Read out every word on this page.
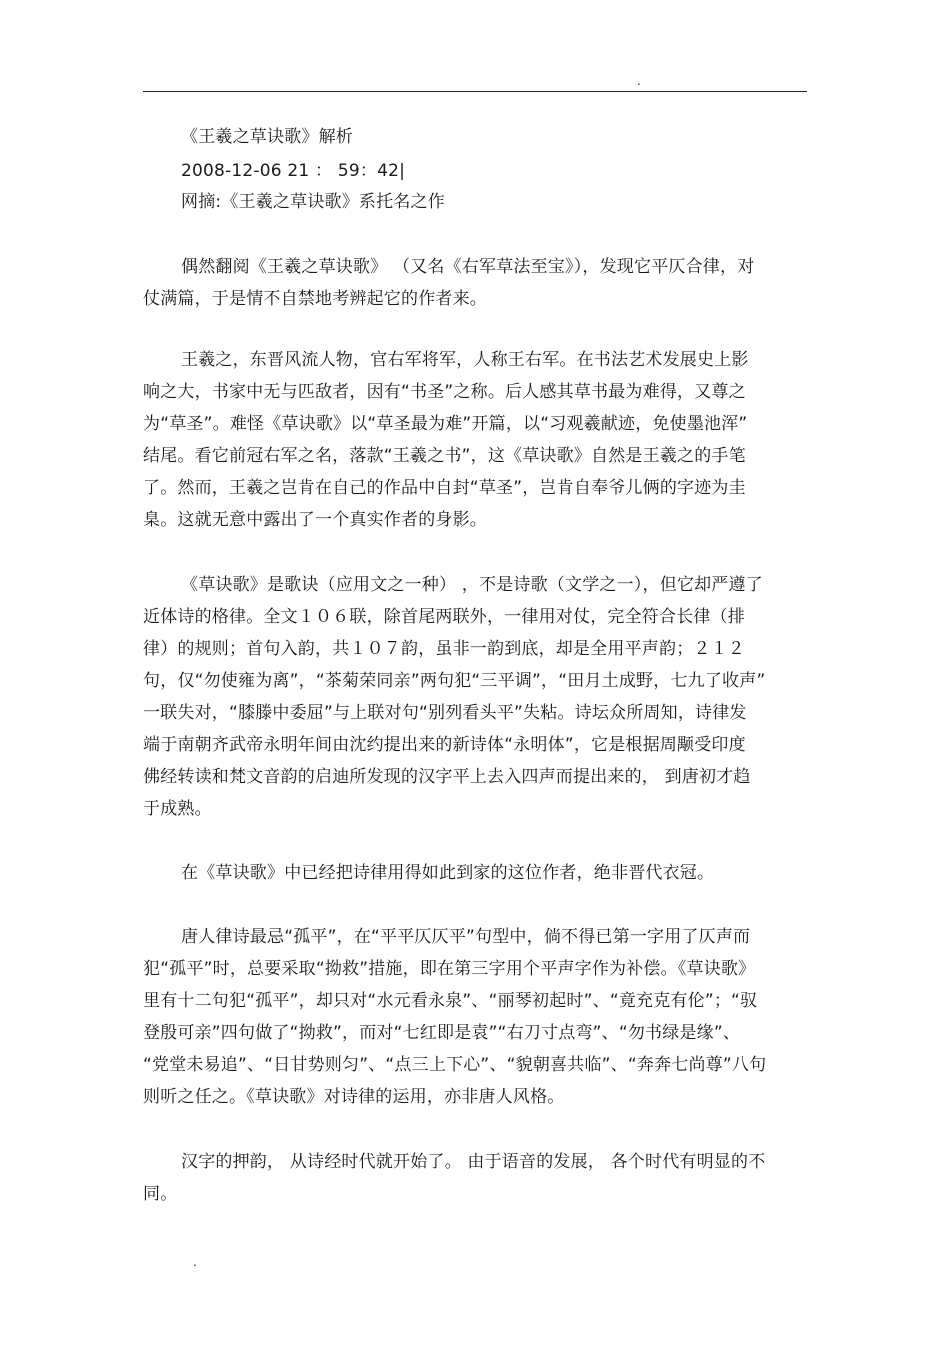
.
《王羲之草诀歌》解析
2008-12-06 21 ： 59：42|
网摘:《王羲之草诀歌》系托名之作
偶然翻阅《王羲之草诀歌》 （又名《右军草法至宝》），发现它平仄合律，对
仗满篇，于是情不自禁地考辨起它的作者来。
王羲之，东晋风流人物，官右军将军，人称王右军。在书法艺术发展史上影
响之大，书家中无与匹敌者，因有“书圣”之称。后人感其草书最为难得，又尊之
为“草圣”。难怪《草诀歌》以“草圣最为难”开篇，以“习观羲献迹，免使墨池浑”
结尾。看它前冠右军之名，落款“王羲之书”，这《草诀歌》自然是王羲之的手笔
了。然而，王羲之岂肯在自己的作品中自封“草圣”，岂肯自奉爷儿俩的字迹为圭
臬。这就无意中露出了一个真实作者的身影。
《草诀歌》是歌诀（应用文之一种） ，不是诗歌（文学之一），但它却严遵了
近体诗的格律。全文１０６联，除首尾两联外，一律用对仗，完全符合长律（排
律）的规则；首句入韵，共１０７韵，虽非一韵到底，却是全用平声韵；２１２
句，仅“勿使雍为离”，“茶菊荣同亲”两句犯“三平调”，“田月土成野，七九了收声”
一联失对，“膝滕中委屈”与上联对句“别列看头平”失粘。诗坛众所周知，诗律发
端于南朝齐武帝永明年间由沈约提出来的新诗体“永明体”，它是根据周颙受印度
佛经转读和梵文音韵的启迪所发现的汉字平上去入四声而提出来的， 到唐初才趋
于成熟。
在《草诀歌》中已经把诗律用得如此到家的这位作者，绝非晋代衣冠。
唐人律诗最忌“孤平”，在“平平仄仄平”句型中，倘不得已第一字用了仄声而
犯“孤平”时，总要采取“拗救”措施，即在第三字用个平声字作为补偿。《草诀歌》
里有十二句犯“孤平”，却只对“水元看永泉”、“丽琴初起时”、“竟充克有伦”；“驭
登殷可亲”四句做了“拗救”，而对“七红即是袁”“右刀寸点弯”、“勿书绿是缘”、
“党堂未易追”、“日甘势则匀”、“点三上下心”、“貌朝喜共临”、“奔奔七尚尊”八句
则听之任之。《草诀歌》对诗律的运用，亦非唐人风格。
汉字的押韵， 从诗经时代就开始了。 由于语音的发展， 各个时代有明显的不
同。
.
